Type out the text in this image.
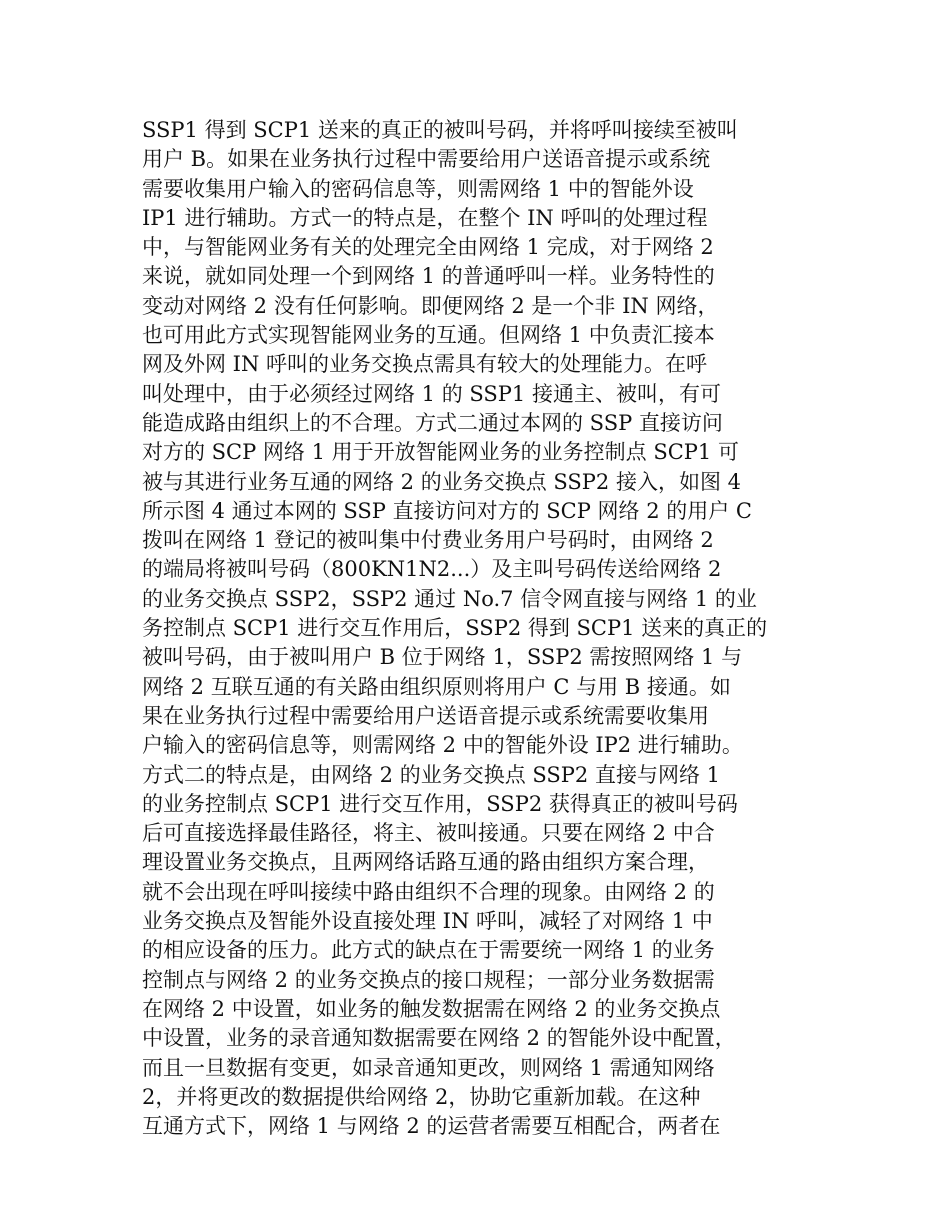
SSP1 得到 SCP1 送来的真正的被叫号码，并将呼叫接续至被叫
用户 B。如果在业务执行过程中需要给用户送语音提示或系统
需要收集用户输入的密码信息等，则需网络 1 中的智能外设
IP1 进行辅助。方式一的特点是，在整个 IN 呼叫的处理过程
中，与智能网业务有关的处理完全由网络 1 完成，对于网络 2
来说，就如同处理一个到网络 1 的普通呼叫一样。业务特性的
变动对网络 2 没有任何影响。即便网络 2 是一个非 IN 网络，
也可用此方式实现智能网业务的互通。但网络 1 中负责汇接本
网及外网 IN 呼叫的业务交换点需具有较大的处理能力。在呼
叫处理中，由于必须经过网络 1 的 SSP1 接通主、被叫，有可
能造成路由组织上的不合理。方式二通过本网的 SSP 直接访问
对方的 SCP 网络 1 用于开放智能网业务的业务控制点 SCP1 可
被与其进行业务互通的网络 2 的业务交换点 SSP2 接入，如图 4
所示图 4 通过本网的 SSP 直接访问对方的 SCP 网络 2 的用户 C
拨叫在网络 1 登记的被叫集中付费业务用户号码时，由网络 2
的端局将被叫号码（800KN1N2...）及主叫号码传送给网络 2
的业务交换点 SSP2，SSP2 通过 No.7 信令网直接与网络 1 的业
务控制点 SCP1 进行交互作用后，SSP2 得到 SCP1 送来的真正的
被叫号码，由于被叫用户 B 位于网络 1，SSP2 需按照网络 1 与
网络 2 互联互通的有关路由组织原则将用户 C 与用 B 接通。如
果在业务执行过程中需要给用户送语音提示或系统需要收集用
户输入的密码信息等，则需网络 2 中的智能外设 IP2 进行辅助。
方式二的特点是，由网络 2 的业务交换点 SSP2 直接与网络 1
的业务控制点 SCP1 进行交互作用，SSP2 获得真正的被叫号码
后可直接选择最佳路径，将主、被叫接通。只要在网络 2 中合
理设置业务交换点，且两网络话路互通的路由组织方案合理，
就不会出现在呼叫接续中路由组织不合理的现象。由网络 2 的
业务交换点及智能外设直接处理 IN 呼叫，减轻了对网络 1 中
的相应设备的压力。此方式的缺点在于需要统一网络 1 的业务
控制点与网络 2 的业务交换点的接口规程；一部分业务数据需
在网络 2 中设置，如业务的触发数据需在网络 2 的业务交换点
中设置，业务的录音通知数据需要在网络 2 的智能外设中配置，
而且一旦数据有变更，如录音通知更改，则网络 1 需通知网络
2，并将更改的数据提供给网络 2，协助它重新加载。在这种
互通方式下，网络 1 与网络 2 的运营者需要互相配合，两者在
